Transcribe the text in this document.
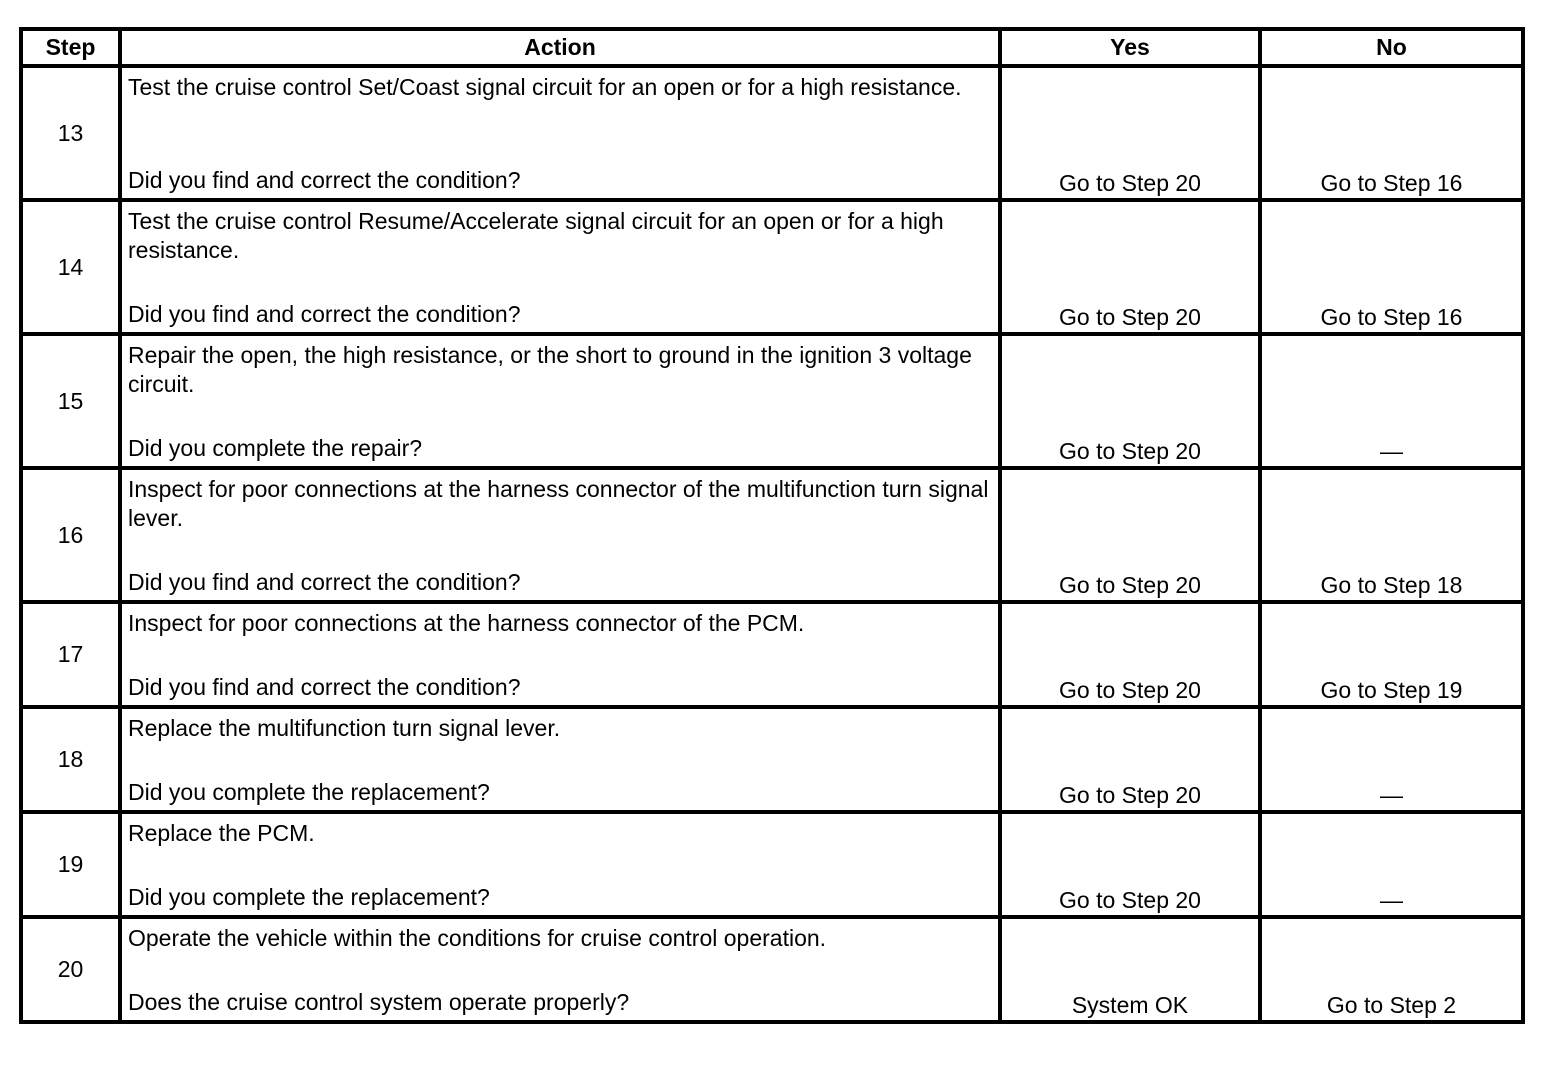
Step	Action	Yes	No
13	Test the cruise control Set/Coast signal circuit for an open or for a high resistance.
Did you find and correct the condition?	Go to Step 20	Go to Step 16
14	Test the cruise control Resume/Accelerate signal circuit for an open or for a high resistance.
Did you find and correct the condition?	Go to Step 20	Go to Step 16
15	Repair the open, the high resistance, or the short to ground in the ignition 3 voltage circuit.
Did you complete the repair?	Go to Step 20	—
16	Inspect for poor connections at the harness connector of the multifunction turn signal lever.
Did you find and correct the condition?	Go to Step 20	Go to Step 18
17	Inspect for poor connections at the harness connector of the PCM.
Did you find and correct the condition?	Go to Step 20	Go to Step 19
18	Replace the multifunction turn signal lever.
Did you complete the replacement?	Go to Step 20	—
19	Replace the PCM.
Did you complete the replacement?	Go to Step 20	—
20	Operate the vehicle within the conditions for cruise control operation.
Does the cruise control system operate properly?	System OK	Go to Step 2
